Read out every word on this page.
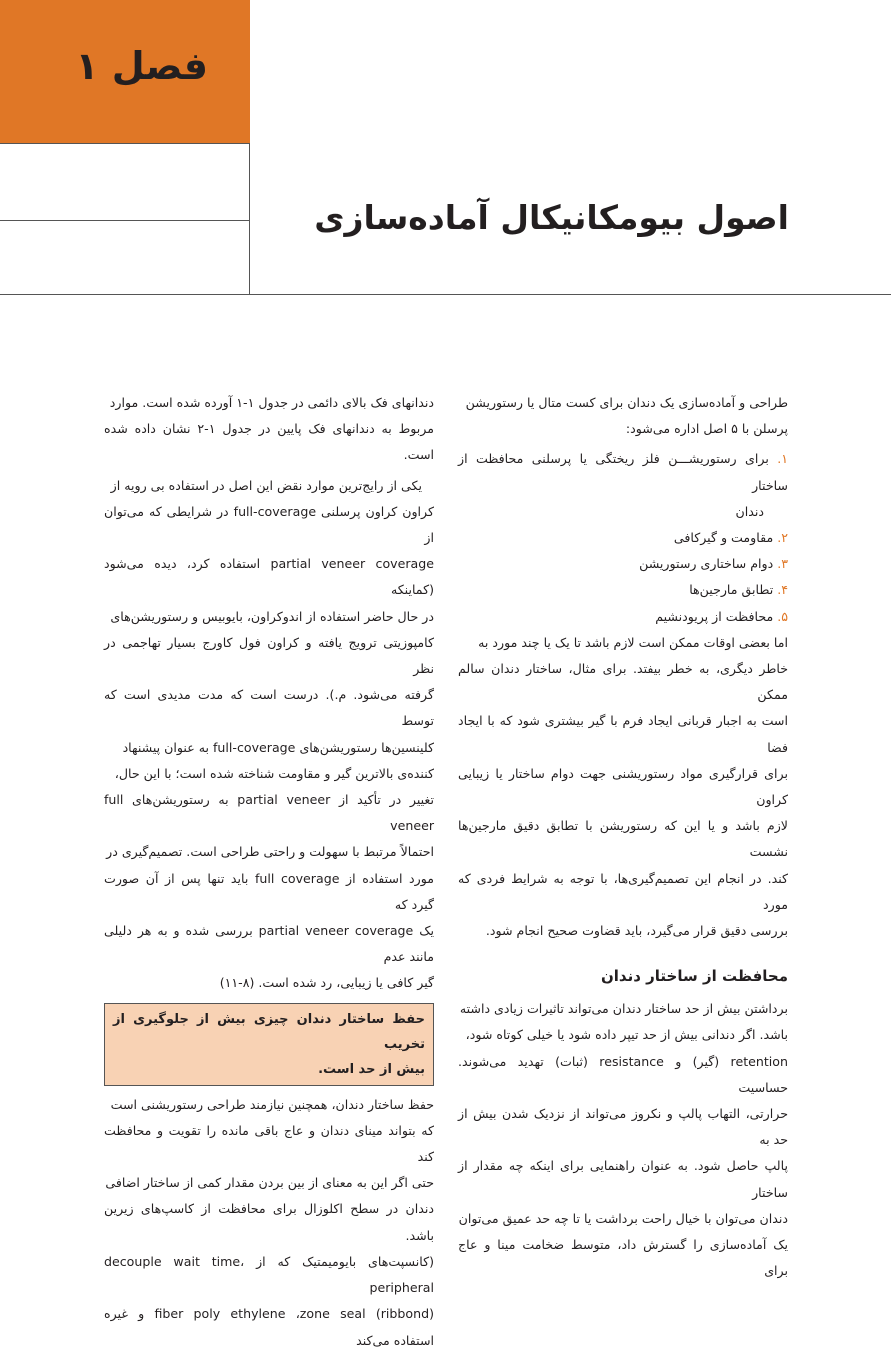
فصل ۱
اصول بیومکانیکال آماده‌سازی

طراحی و آماده‌سازی یک دندان برای کست متال یا رستوریشن

پرسلن با ۵ اصل اداره می‌شود:

۱. برای رستوریشـــن فلز ریختگی یا پرسلنی محافظت از ساختار

دندان

۲. مقاومت و گیرکافی

۳. دوام ساختاری رستوریشن

۴. تطابق مارجین‌ها

۵. محافظت از پریودنشیم

اما بعضی اوقات ممکن است لازم باشد تا یک یا چند مورد به

خاطر دیگری، به خطر بیفتد. برای مثال، ساختار دندان سالم ممکن

است به اجبار قربانی ایجاد فرم با گیر بیشتری شود که با ایجاد فضا

برای قرارگیری مواد رستوریشنی جهت دوام ساختار یا زیبایی کراون

لازم باشد و یا این که رستوریشن با تطابق دقیق مارجین‌ها نشست

کند. در انجام این تصمیم‌گیری‌ها، با توجه به شرایط فردی که مورد

بررسی دقیق قرار می‌گیرد، باید قضاوت صحیح انجام شود.

محافظت از ساختار دندان

برداشتن بیش از حد ساختار دندان می‌تواند تاثیرات زیادی داشته

باشد. اگر دندانی بیش از حد تیپر داده شود یا خیلی کوتاه شود،

retention (گیر) و resistance (ثبات) تهدید می‌شوند. حساسیت

حرارتی، التهاب پالپ و نکروز می‌تواند از نزدیک شدن بیش از حد به

پالپ حاصل شود. به عنوان راهنمایی برای اینکه چه مقدار از ساختار

دندان می‌توان با خیال راحت برداشت یا تا چه حد عمیق می‌توان

یک آماده‌سازی را گسترش داد، متوسط ضخامت مینا و عاج برای

دندانهای فک بالای دائمی در جدول ۱-۱ آورده شده است. موارد

مربوط به دندانهای فک پایین در جدول ۱-۲ نشان داده شده است.

یکی از رایج‌ترین موارد نقض این اصل در استفاده بی رویه از

کراون کراون پرسلنی full-coverage در شرایطی که می‌توان از

partial veneer coverage استفاده کرد، دیده می‌شود (کماینکه

در حال حاضر استفاده از اندوکراون، بایوبیس و رستوریشن‌های

کامپوزیتی ترویج یافته و کراون فول کاورج بسیار تهاجمی در نظر

گرفته می‌شود. م.). درست است که مدت مدیدی است که توسط

کلینسین‌ها رستوریشن‌های full-coverage به عنوان پیشنهاد

کننده‌ی بالاترین گیر و مقاومت شناخته شده است؛ با این حال،

تغییر در تأکید از partial veneer به رستوریشن‌های full veneer

احتمالاً مرتبط با سهولت و راحتی طراحی است. تصمیم‌گیری در

مورد استفاده از full coverage باید تنها پس از آن صورت گیرد که

یک partial veneer coverage بررسی شده و به هر دلیلی مانند عدم

گیر کافی یا زیبایی، رد شده است. (۸-۱۱)

حفظ ساختار دندان چیزی بیش از جلوگیری از تخریب
بیش از حد است.

حفظ ساختار دندان، همچنین نیازمند طراحی رستوریشنی است

که بتواند مینای دندان و عاج باقی مانده را تقویت و محافظت کند

حتی اگر این به معنای از بین بردن مقدار کمی از ساختار اضافی

دندان در سطح اکلوزال برای محافظت از کاسپ‌های زیرین باشد.

(کانسپت‌های بایومیمتیک که از decouple wait time، peripheral

fiber poly ethylene ،zone seal (ribbond) و غیره استفاده می‌کند
